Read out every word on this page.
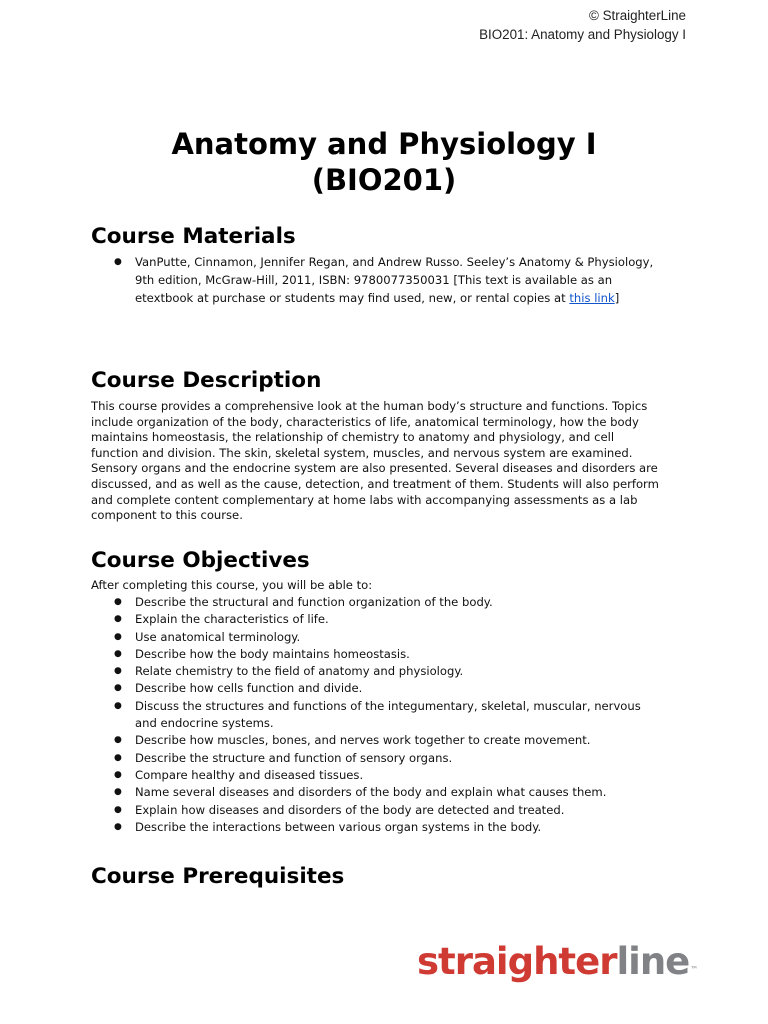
© StraighterLine
BIO201: Anatomy and Physiology I
Anatomy and Physiology I
(BIO201)
Course Materials
● VanPutte, Cinnamon, Jennifer Regan, and Andrew Russo. Seeley’s Anatomy & Physiology, 9th edition, McGraw-Hill, 2011, ISBN: 9780077350031 [This text is available as an etextbook at purchase or students may find used, new, or rental copies at this link]
Course Description

This course provides a comprehensive look at the human body’s structure and functions. Topics include organization of the body, characteristics of life, anatomical terminology, how the body maintains homeostasis, the relationship of chemistry to anatomy and physiology, and cell function and division. The skin, skeletal system, muscles, and nervous system are examined. Sensory organs and the endocrine system are also presented. Several diseases and disorders are discussed, and as well as the cause, detection, and treatment of them. Students will also perform and complete content complementary at home labs with accompanying assessments as a lab component to this course.

Course Objectives

After completing this course, you will be able to:

● Describe the structural and function organization of the body.
● Explain the characteristics of life.
● Use anatomical terminology.
● Describe how the body maintains homeostasis.
● Relate chemistry to the field of anatomy and physiology.
● Describe how cells function and divide.
● Discuss the structures and functions of the integumentary, skeletal, muscular, nervous and endocrine systems.
● Describe how muscles, bones, and nerves work together to create movement.
● Describe the structure and function of sensory organs.
● Compare healthy and diseased tissues.
● Name several diseases and disorders of the body and explain what causes them.
● Explain how diseases and disorders of the body are detected and treated.
● Describe the interactions between various organ systems in the body.
Course Prerequisites
straighterline™
